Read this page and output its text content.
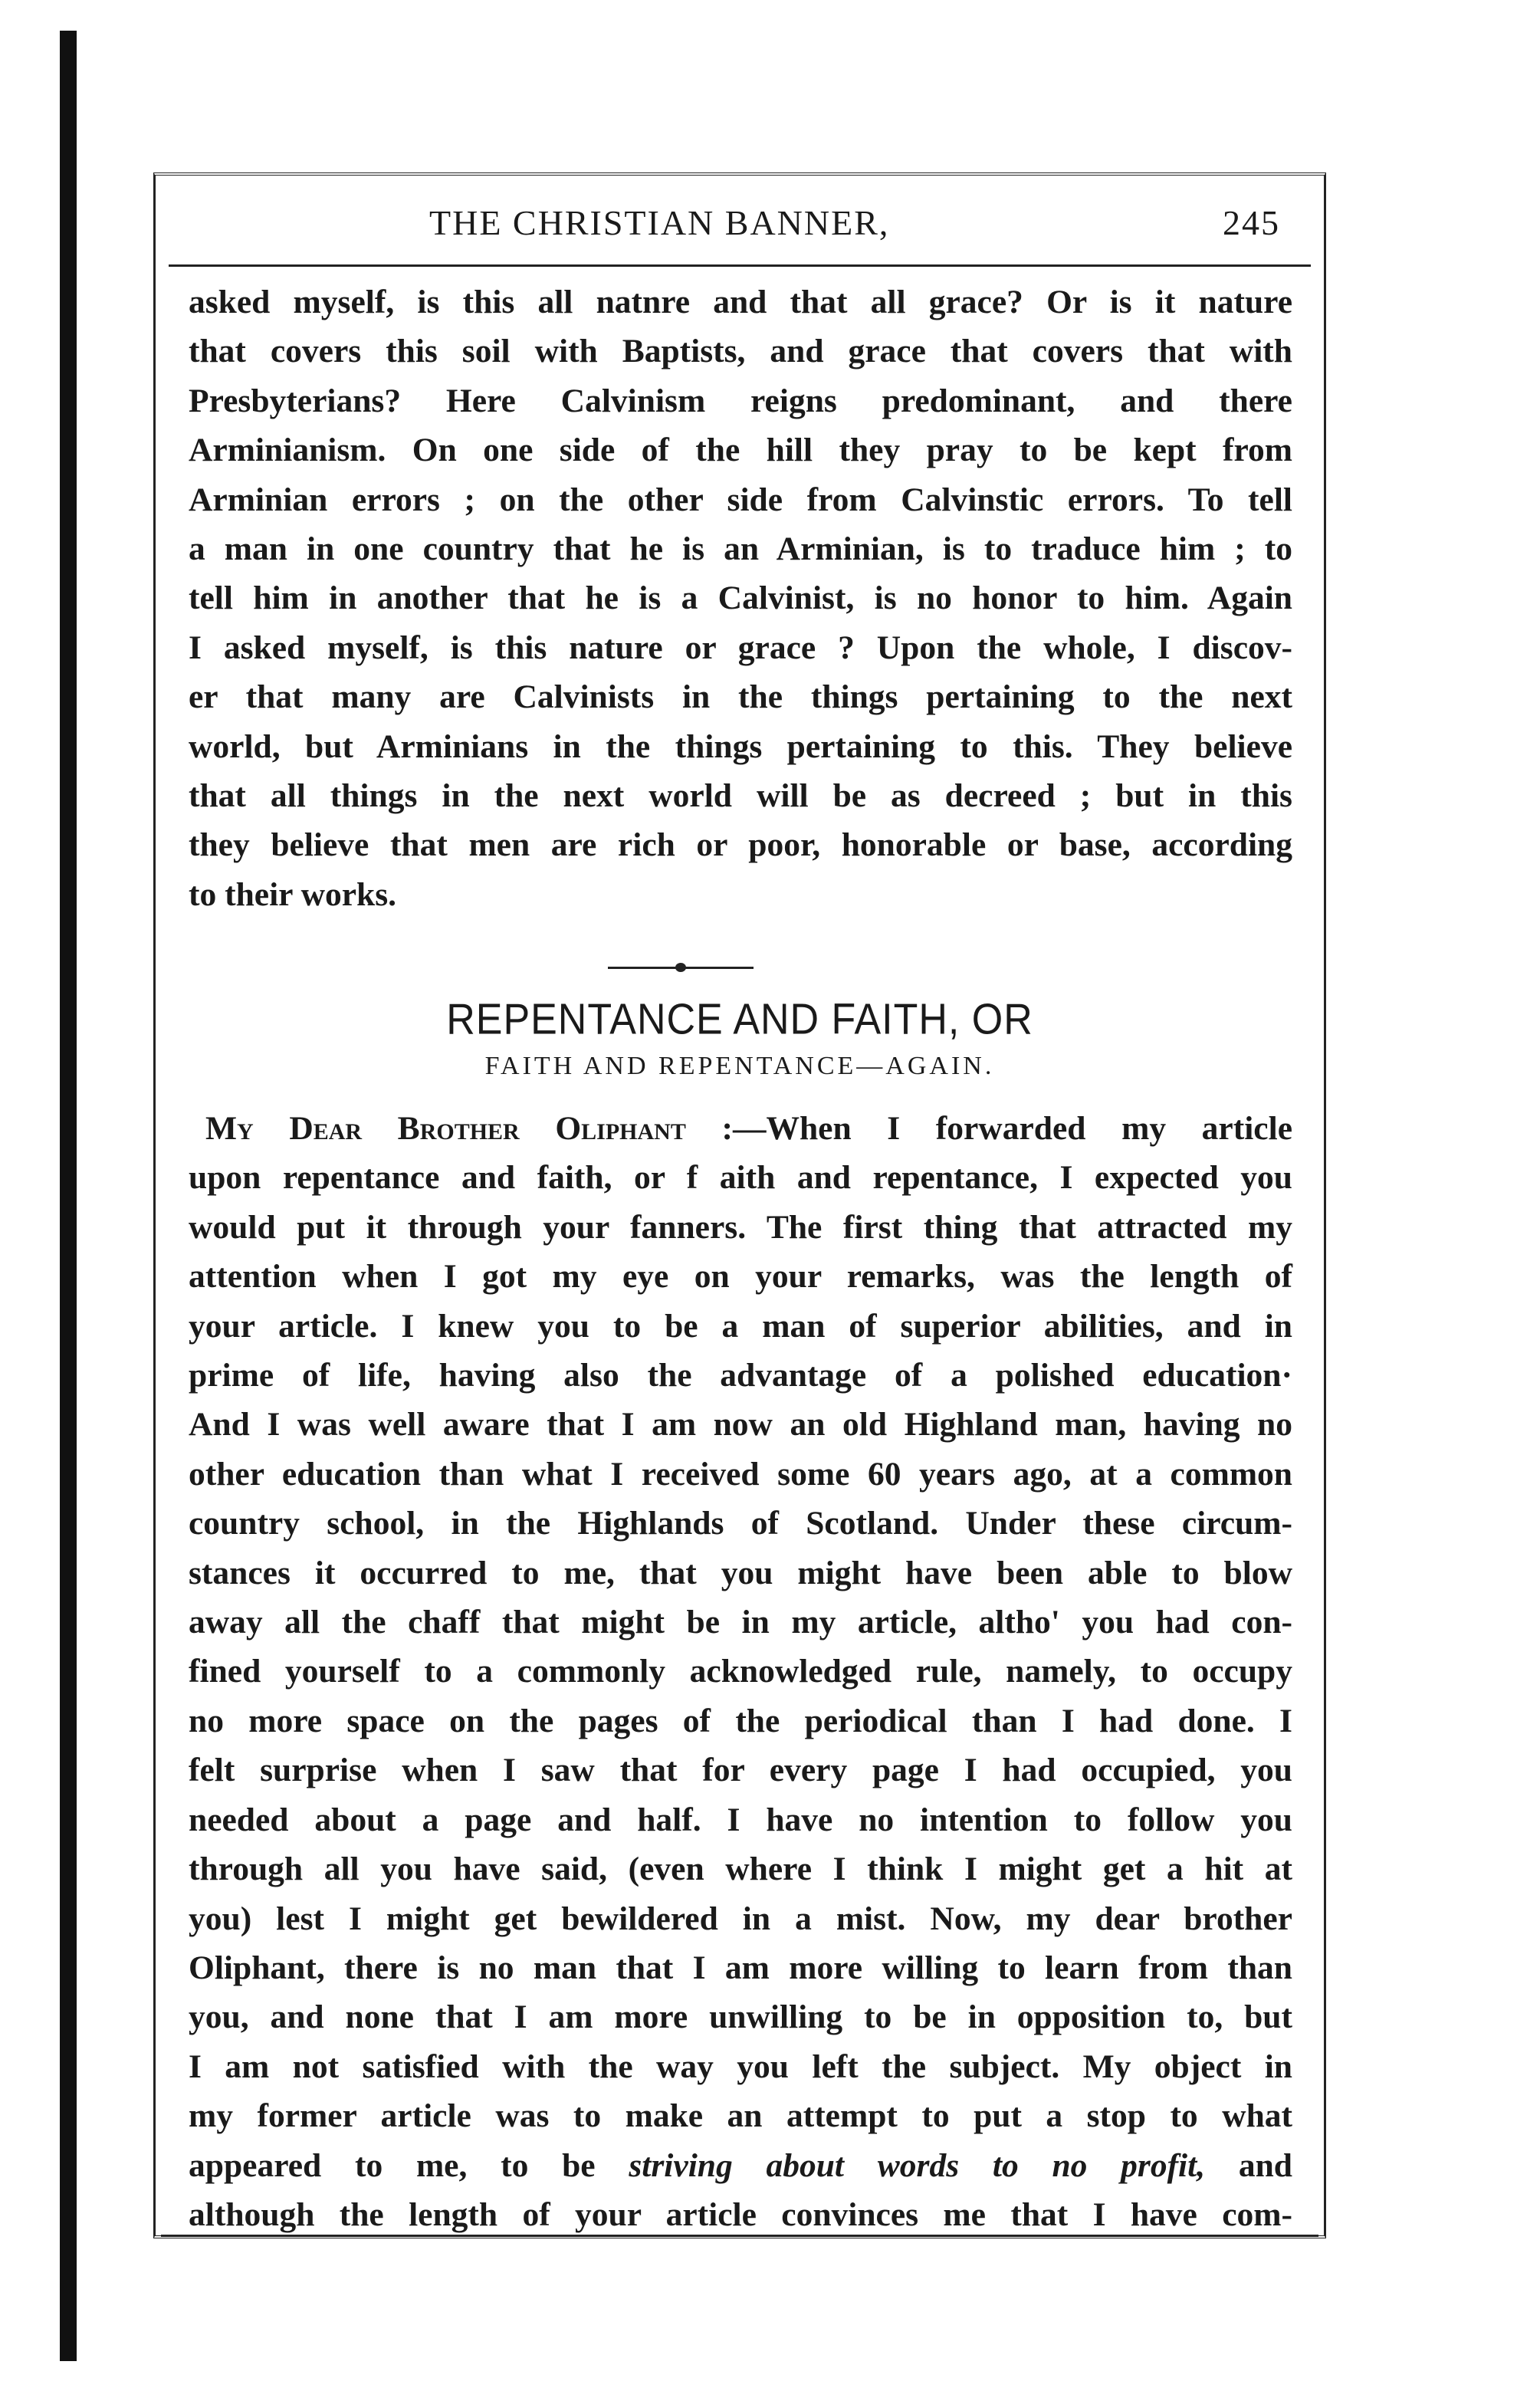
THE CHRISTIAN BANNER,	245
asked myself, is this all natnre and that all grace? Or is it nature
that covers this soil with Baptists, and grace that covers that with
Presbyterians? Here Calvinism reigns predominant, and there
Arminianism. On one side of the hill they pray to be kept from
Arminian errors ; on the other side from Calvinstic errors. To tell
a man in one country that he is an Arminian, is to traduce him ; to
tell him in another that he is a Calvinist, is no honor to him. Again
I asked myself, is this nature or grace ? Upon the whole, I discov-
er that many are Calvinists in the things pertaining to the next
world, but Arminians in the things pertaining to this. They believe
that all things in the next world will be as decreed ; but in this
they believe that men are rich or poor, honorable or base, according
to their works.
REPENTANCE AND FAITH, OR
FAITH AND REPENTANCE—AGAIN.
My Dear Brother Oliphant :—When I forwarded my article
upon repentance and faith, or f aith and repentance, I expected you
would put it through your fanners. The first thing that attracted my
attention when I got my eye on your remarks, was the length of
your article. I knew you to be a man of superior abilities, and in
prime of life, having also the advantage of a polished education·
And I was well aware that I am now an old Highland man, having no
other education than what I received some 60 years ago, at a common
country school, in the Highlands of Scotland. Under these circum-
stances it occurred to me, that you might have been able to blow
away all the chaff that might be in my article, altho' you had con-
fined yourself to a commonly acknowledged rule, namely, to occupy
no more space on the pages of the periodical than I had done. I
felt surprise when I saw that for every page I had occupied, you
needed about a page and half. I have no intention to follow you
through all you have said, (even where I think I might get a hit at
you) lest I might get bewildered in a mist. Now, my dear brother
Oliphant, there is no man that I am more willing to learn from than
you, and none that I am more unwilling to be in opposition to, but
I am not satisfied with the way you left the subject. My object in
my former article was to make an attempt to put a stop to what
appeared to me, to be striving about words to no profit, and
although the length of your article convinces me that I have com-
